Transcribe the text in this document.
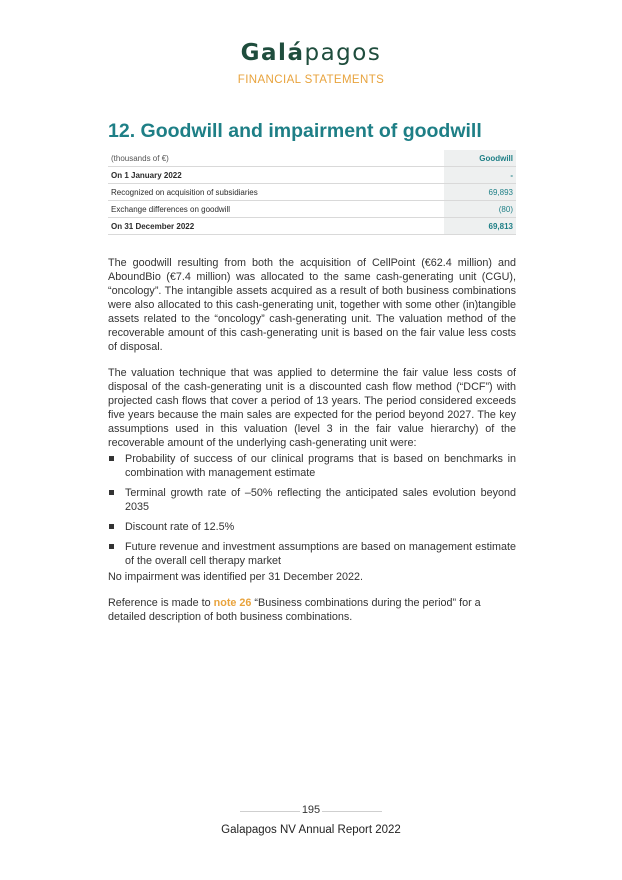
Galápagos
FINANCIAL STATEMENTS
12. Goodwill and impairment of goodwill
(thousands of €)	Goodwill
On 1 January 2022	-
Recognized on acquisition of subsidiaries	69,893
Exchange differences on goodwill	(80)
On 31 December 2022	69,813

The goodwill resulting from both the acquisition of CellPoint (€62.4 million) and AboundBio (€7.4 million) was allocated to the same cash-generating unit (CGU), “oncology”. The intangible assets acquired as a result of both business combinations were also allocated to this cash-generating unit, together with some other (in)tangible assets related to the “oncology” cash-generating unit. The valuation method of the recoverable amount of this cash-generating unit is based on the fair value less costs of disposal.

The valuation technique that was applied to determine the fair value less costs of disposal of the cash-generating unit is a discounted cash flow method (“DCF”) with projected cash flows that cover a period of 13 years. The period considered exceeds five years because the main sales are expected for the period beyond 2027. The key assumptions used in this valuation (level 3 in the fair value hierarchy) of the recoverable amount of the underlying cash-generating unit were:

Probability of success of our clinical programs that is based on benchmarks in combination with management estimate
Terminal growth rate of –50% reflecting the anticipated sales evolution beyond 2035
Discount rate of 12.5%
Future revenue and investment assumptions are based on management estimate of the overall cell therapy market

No impairment was identified per 31 December 2022.

Reference is made to note 26 “Business combinations during the period” for a detailed description of both business combinations.

195
Galapagos NV Annual Report 2022
